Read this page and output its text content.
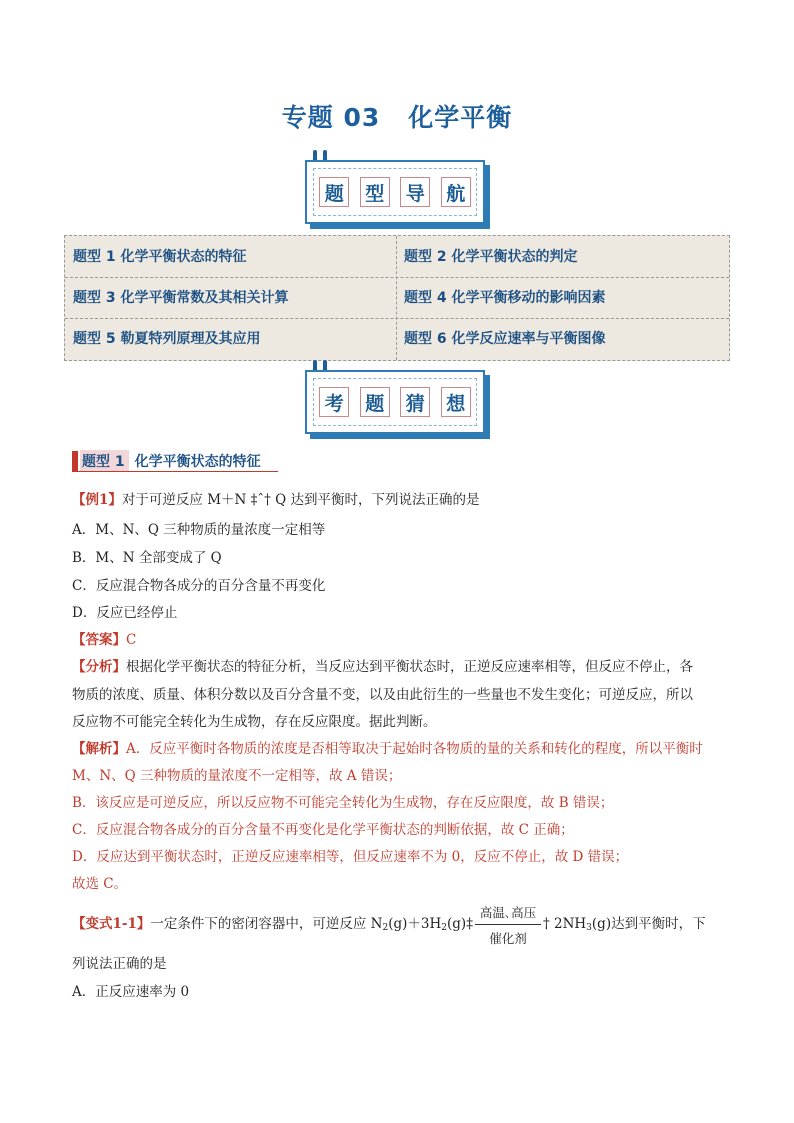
专题 03 化学平衡
题 型 导 航
题型 1 化学平衡状态的特征	题型 2 化学平衡状态的判定
题型 3 化学平衡常数及其相关计算	题型 4 化学平衡移动的影响因素
题型 5 勒夏特列原理及其应用	题型 6 化学反应速率与平衡图像
考 题 猜 想
题型 1 化学平衡状态的特征
【例1】对于可逆反应 M＋N ‡ˆ† Q 达到平衡时，下列说法正确的是
A．M、N、Q 三种物质的量浓度一定相等
B．M、N 全部变成了 Q
C．反应混合物各成分的百分含量不再变化
D．反应已经停止
【答案】C
【分析】根据化学平衡状态的特征分析，当反应达到平衡状态时，正逆反应速率相等，但反应不停止，各
物质的浓度、质量、体积分数以及百分含量不变，以及由此衍生的一些量也不发生变化；可逆反应，所以
反应物不可能完全转化为生成物，存在反应限度。据此判断。
【解析】A．反应平衡时各物质的浓度是否相等取决于起始时各物质的量的关系和转化的程度，所以平衡时
M、N、Q 三种物质的量浓度不一定相等，故 A 错误；
B．该反应是可逆反应，所以反应物不可能完全转化为生成物，存在反应限度，故 B 错误；
C．反应混合物各成分的百分含量不再变化是化学平衡状态的判断依据，故 C 正确；
D．反应达到平衡状态时，正逆反应速率相等，但反应速率不为 0，反应不停止，故 D 错误；
故选 C。
【变式1-1】一定条件下的密闭容器中，可逆反应 $N_2(g)+3H_2(g)\ddagger$
高温､高压
催化剂
† $2NH_3(g)$达到平衡时，下
列说法正确的是
A．正反应速率为 0
